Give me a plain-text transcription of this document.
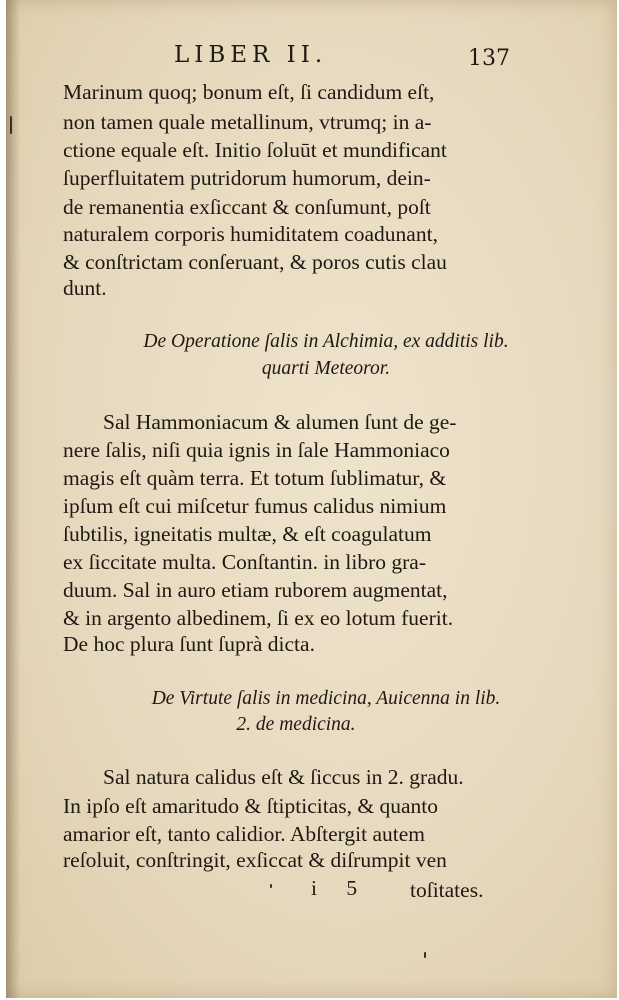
LIBER II.	137
Marinum quoq; bonum eſt, ſi candidum eſt,
non tamen quale metallinum, vtrumq; in a-
ctione equale eſt. Initio ſoluūt et mundificant
ſuperfluitatem putridorum humorum, dein-
de remanentia exſiccant & conſumunt, poſt
naturalem corporis humiditatem coadunant,
& conſtrictam conſeruant, & poros cutis clau
dunt.
De Operatione ſalis in Alchimia, ex additis lib.
quarti Meteoror.
Sal Hammoniacum & alumen ſunt de ge-
nere ſalis, niſi quia ignis in ſale Hammoniaco
magis eſt quàm terra. Et totum ſublimatur, &
ipſum eſt cui miſcetur fumus calidus nimium
ſubtilis, igneitatis multæ, & eſt coagulatum
ex ſiccitate multa. Conſtantin. in libro gra-
duum. Sal in auro etiam ruborem augmentat,
& in argento albedinem, ſi ex eo lotum fuerit.
De hoc plura ſunt ſuprà dicta.
De Virtute ſalis in medicina, Auicenna in lib.
2. de medicina.
Sal natura calidus eſt & ſiccus in 2. gradu.
In ipſo eſt amaritudo & ſtipticitas, & quanto
amarior eſt, tanto calidior. Abſtergit autem
reſoluit, conſtringit, exſiccat & diſrumpit ven
i 5 toſitates.
